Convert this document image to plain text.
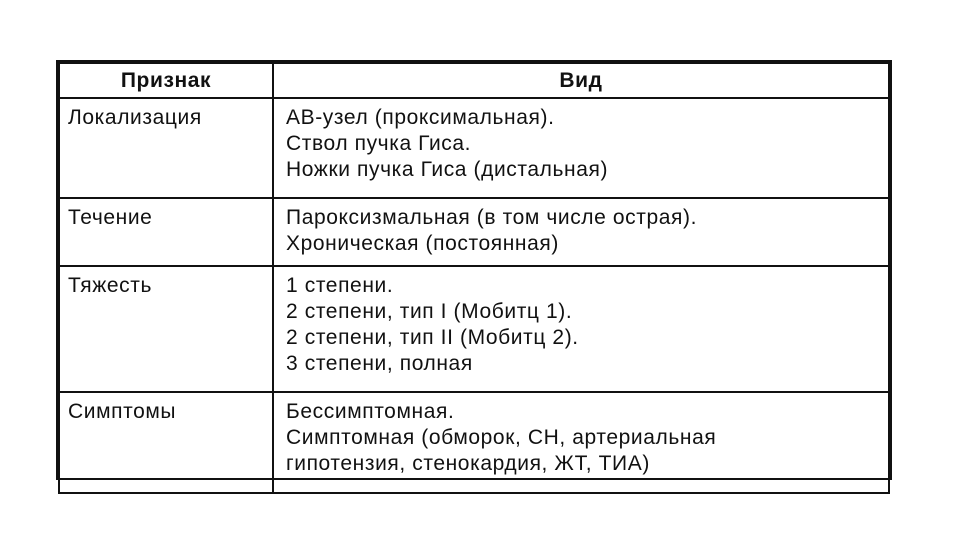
Признак	Вид
Локализация	АВ-узел (проксимальная).
Ствол пучка Гиса.
Ножки пучка Гиса (дистальная)

Течение	Пароксизмальная (в том числе острая).
Хроническая (постоянная)

Тяжесть	1 степени.
2 степени, тип I (Мобитц 1).
2 степени, тип II (Мобитц 2).
3 степени, полная

Симптомы	Бессимптомная.
Симптомная (обморок, СН, артериальная
гипотензия, стенокардия, ЖТ, ТИА)
